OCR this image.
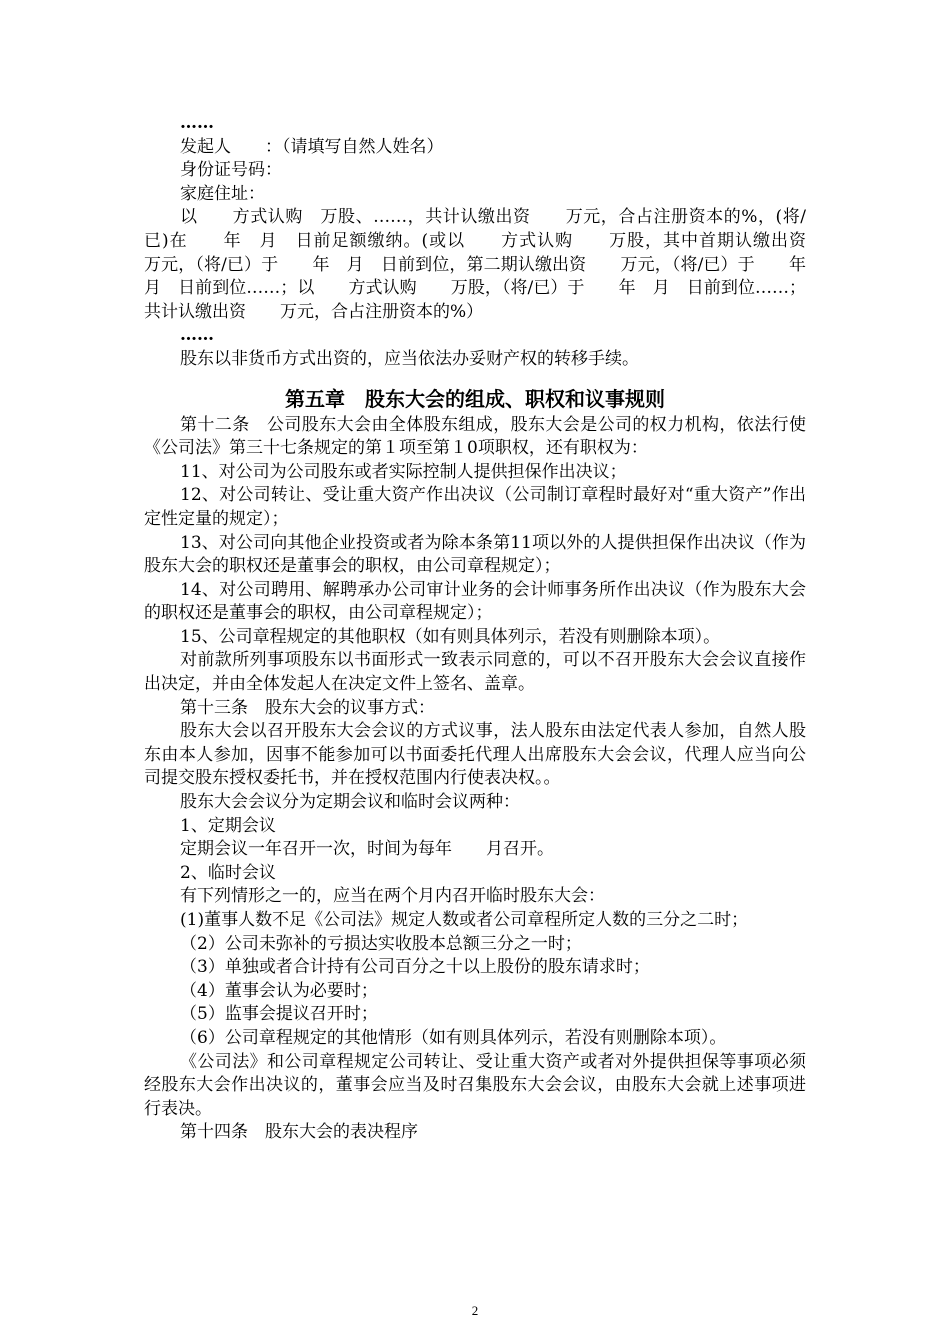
……

发起人　　：（请填写自然人姓名）

身份证号码：

家庭住址：

以　　方式认购　万股、……，共计认缴出资　　万元，合占注册资本的%，(将/已)在　　年　月　日前足额缴纳。(或以　　方式认购　　万股，其中首期认缴出资　　万元，（将/已）于　　年　月　日前到位，第二期认缴出资　　万元，（将/已）于　　年　月　日前到位……；以　　方式认购　　万股，（将/已）于　　年　月　日前到位……；共计认缴出资　　万元，合占注册资本的%）

……

股东以非货币方式出资的，应当依法办妥财产权的转移手续。

第五章　股东大会的组成、职权和议事规则

第十二条　公司股东大会由全体股东组成，股东大会是公司的权力机构，依法行使《公司法》第三十七条规定的第１项至第１0项职权，还有职权为：

11、对公司为公司股东或者实际控制人提供担保作出决议；

12、对公司转让、受让重大资产作出决议（公司制订章程时最好对“重大资产”作出定性定量的规定）；

13、对公司向其他企业投资或者为除本条第11项以外的人提供担保作出决议（作为股东大会的职权还是董事会的职权，由公司章程规定）；

14、对公司聘用、解聘承办公司审计业务的会计师事务所作出决议（作为股东大会的职权还是董事会的职权，由公司章程规定）；

15、公司章程规定的其他职权（如有则具体列示，若没有则删除本项）。

对前款所列事项股东以书面形式一致表示同意的，可以不召开股东大会会议直接作出决定，并由全体发起人在决定文件上签名、盖章。

第十三条　股东大会的议事方式：

股东大会以召开股东大会会议的方式议事，法人股东由法定代表人参加，自然人股东由本人参加，因事不能参加可以书面委托代理人出席股东大会会议，代理人应当向公司提交股东授权委托书，并在授权范围内行使表决权。。

股东大会会议分为定期会议和临时会议两种：

1、定期会议

定期会议一年召开一次，时间为每年　　月召开。

2、临时会议

有下列情形之一的，应当在两个月内召开临时股东大会：

(1)董事人数不足《公司法》规定人数或者公司章程所定人数的三分之二时；

（2）公司未弥补的亏损达实收股本总额三分之一时；

（3）单独或者合计持有公司百分之十以上股份的股东请求时；

（4）董事会认为必要时；

（5）监事会提议召开时；

（6）公司章程规定的其他情形（如有则具体列示，若没有则删除本项）。

《公司法》和公司章程规定公司转让、受让重大资产或者对外提供担保等事项必须经股东大会作出决议的，董事会应当及时召集股东大会会议，由股东大会就上述事项进行表决。

第十四条　股东大会的表决程序

2
